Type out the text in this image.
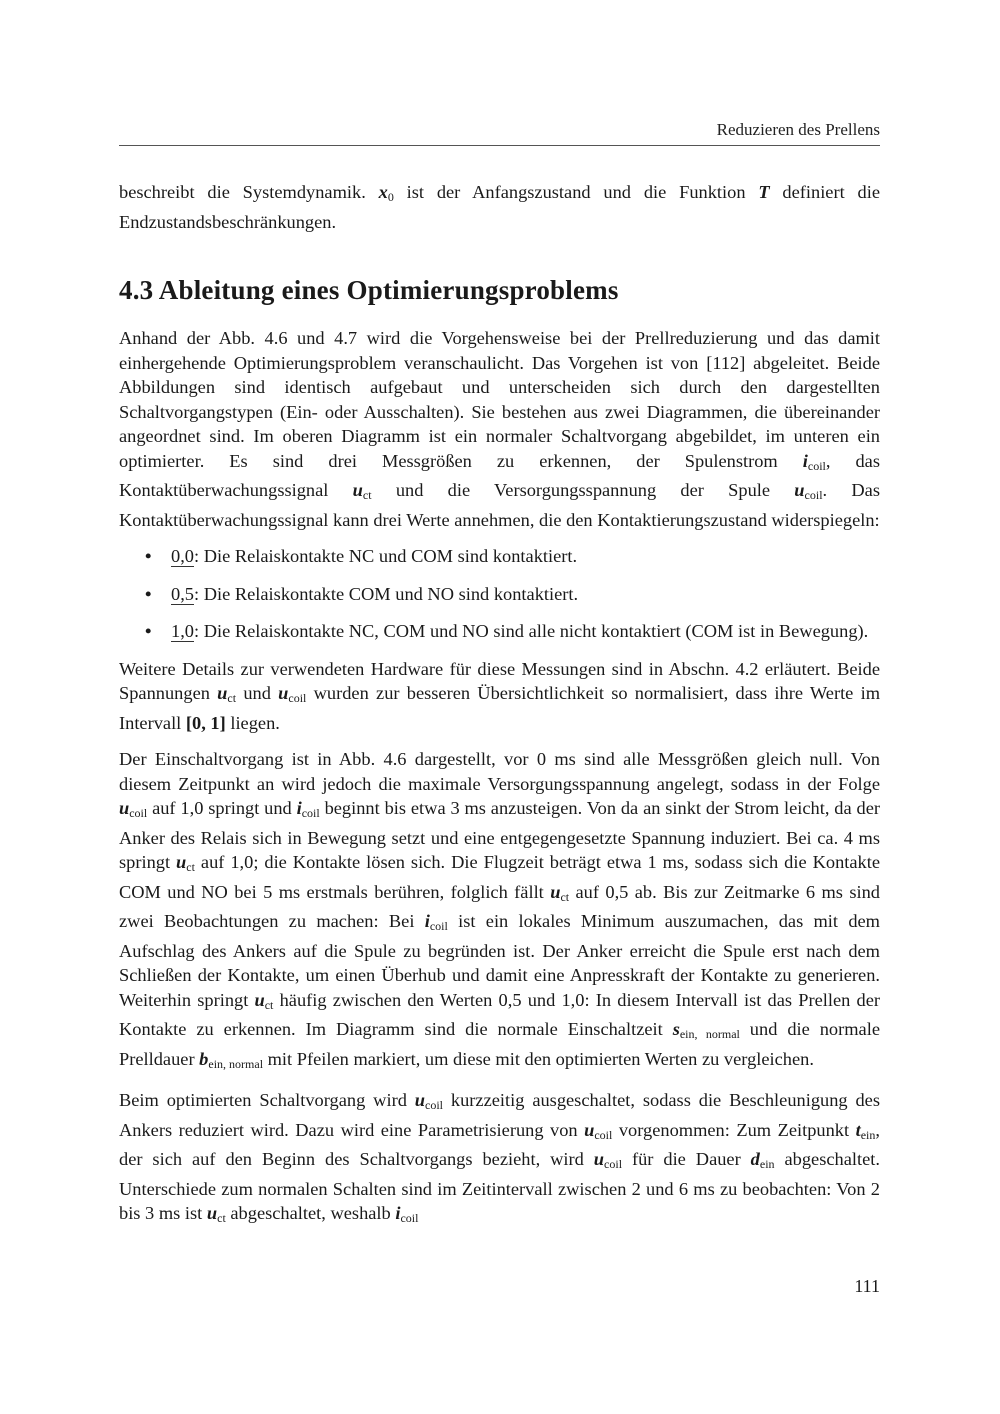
Reduzieren des Prellens

beschreibt die Systemdynamik. $x_0$ ist der Anfangszustand und die Funktion T definiert die Endzustandsbeschränkungen.

4.3 Ableitung eines Optimierungsproblems

Anhand der Abb. 4.6 und 4.7 wird die Vorgehensweise bei der Prellreduzierung und das damit einhergehende Optimierungsproblem veranschaulicht. Das Vorgehen ist von [112] abgeleitet. Beide Abbildungen sind identisch aufgebaut und unterscheiden sich durch den dargestellten Schaltvorgangstypen (Ein- oder Ausschalten). Sie bestehen aus zwei Diagrammen, die übereinander angeordnet sind. Im oberen Diagramm ist ein normaler Schaltvorgang abgebildet, im unteren ein optimierter. Es sind drei Messgrößen zu erkennen, der Spulenstrom $i_{coil}$, das Kontaktüberwachungssignal $u_{ct}$ und die Versorgungsspannung der Spule $u_{coil}$. Das Kontaktüberwachungssignal kann drei Werte annehmen, die den Kontaktierungszustand widerspiegeln:

• 0,0: Die Relaiskontakte NC und COM sind kontaktiert.
• 0,5: Die Relaiskontakte COM und NO sind kontaktiert.
• 1,0: Die Relaiskontakte NC, COM und NO sind alle nicht kontaktiert (COM ist in Bewegung).

Weitere Details zur verwendeten Hardware für diese Messungen sind in Abschn. 4.2 erläutert. Beide Spannungen $u_{ct}$ und $u_{coil}$ wurden zur besseren Übersichtlichkeit so normalisiert, dass ihre Werte im Intervall [0, 1] liegen.

Der Einschaltvorgang ist in Abb. 4.6 dargestellt, vor 0 ms sind alle Messgrößen gleich null. Von diesem Zeitpunkt an wird jedoch die maximale Versorgungsspannung angelegt, sodass in der Folge $u_{coil}$ auf 1,0 springt und $i_{coil}$ beginnt bis etwa 3 ms anzusteigen. Von da an sinkt der Strom leicht, da der Anker des Relais sich in Bewegung setzt und eine entgegengesetzte Spannung induziert. Bei ca. 4 ms springt $u_{ct}$ auf 1,0; die Kontakte lösen sich. Die Flugzeit beträgt etwa 1 ms, sodass sich die Kontakte COM und NO bei 5 ms erstmals berühren, folglich fällt $u_{ct}$ auf 0,5 ab. Bis zur Zeitmarke 6 ms sind zwei Beobachtungen zu machen: Bei $i_{coil}$ ist ein lokales Minimum auszumachen, das mit dem Aufschlag des Ankers auf die Spule zu begründen ist. Der Anker erreicht die Spule erst nach dem Schließen der Kontakte, um einen Überhub und damit eine Anpresskraft der Kontakte zu generieren. Weiterhin springt $u_{ct}$ häufig zwischen den Werten 0,5 und 1,0: In diesem Intervall ist das Prellen der Kontakte zu erkennen. Im Diagramm sind die normale Einschaltzeit $s_{ein, normal}$ und die normale Prelldauer $b_{ein, normal}$ mit Pfeilen markiert, um diese mit den optimierten Werten zu vergleichen.

Beim optimierten Schaltvorgang wird $u_{coil}$ kurzzeitig ausgeschaltet, sodass die Beschleunigung des Ankers reduziert wird. Dazu wird eine Parametrisierung von $u_{coil}$ vorgenommen: Zum Zeitpunkt $t_{ein}$, der sich auf den Beginn des Schaltvorgangs bezieht, wird $u_{coil}$ für die Dauer $d_{ein}$ abgeschaltet. Unterschiede zum normalen Schalten sind im Zeitintervall zwischen 2 und 6 ms zu beobachten: Von 2 bis 3 ms ist $u_{ct}$ abgeschaltet, weshalb $i_{coil}$

111
